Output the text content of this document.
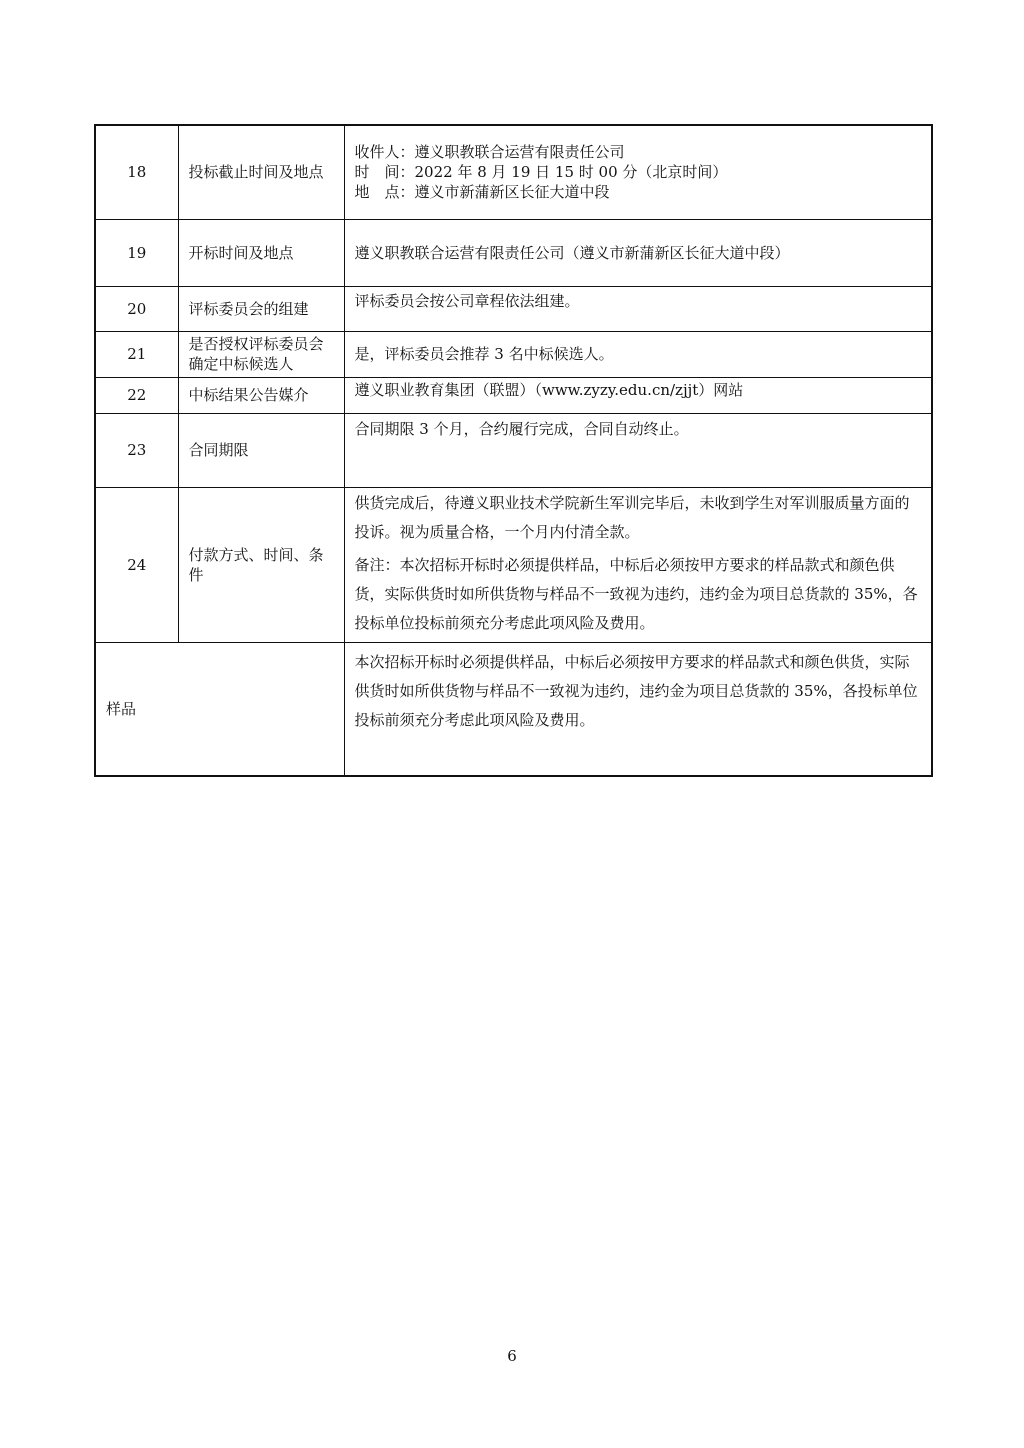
18	投标截止时间及地点	收件人：遵义职教联合运营有限责任公司
时　间：2022 年 8 月 19 日 15 时 00 分（北京时间）
地　点：遵义市新蒲新区长征大道中段

19	开标时间及地点	遵义职教联合运营有限责任公司（遵义市新蒲新区长征大道中段）
20	评标委员会的组建	评标委员会按公司章程依法组建。
21	是否授权评标委员会确定中标候选人	是，评标委员会推荐 3 名中标候选人。
22	中标结果公告媒介	遵义职业教育集团（联盟）（www.zyzy.edu.cn/zjjt）网站
23	合同期限	合同期限 3 个月，合约履行完成，合同自动终止。
24	付款方式、时间、条件	供货完成后，待遵义职业技术学院新生军训完毕后，未收到学生对军训服质量方面的投诉。视为质量合格，一个月内付清全款。

备注：本次招标开标时必须提供样品，中标后必须按甲方要求的样品款式和颜色供货，实际供货时如所供货物与样品不一致视为违约，违约金为项目总货款的 35%，各投标单位投标前须充分考虑此项风险及费用。

样品		本次招标开标时必须提供样品，中标后必须按甲方要求的样品款式和颜色供货，实际供货时如所供货物与样品不一致视为违约，违约金为项目总货款的 35%，各投标单位投标前须充分考虑此项风险及费用。

6
